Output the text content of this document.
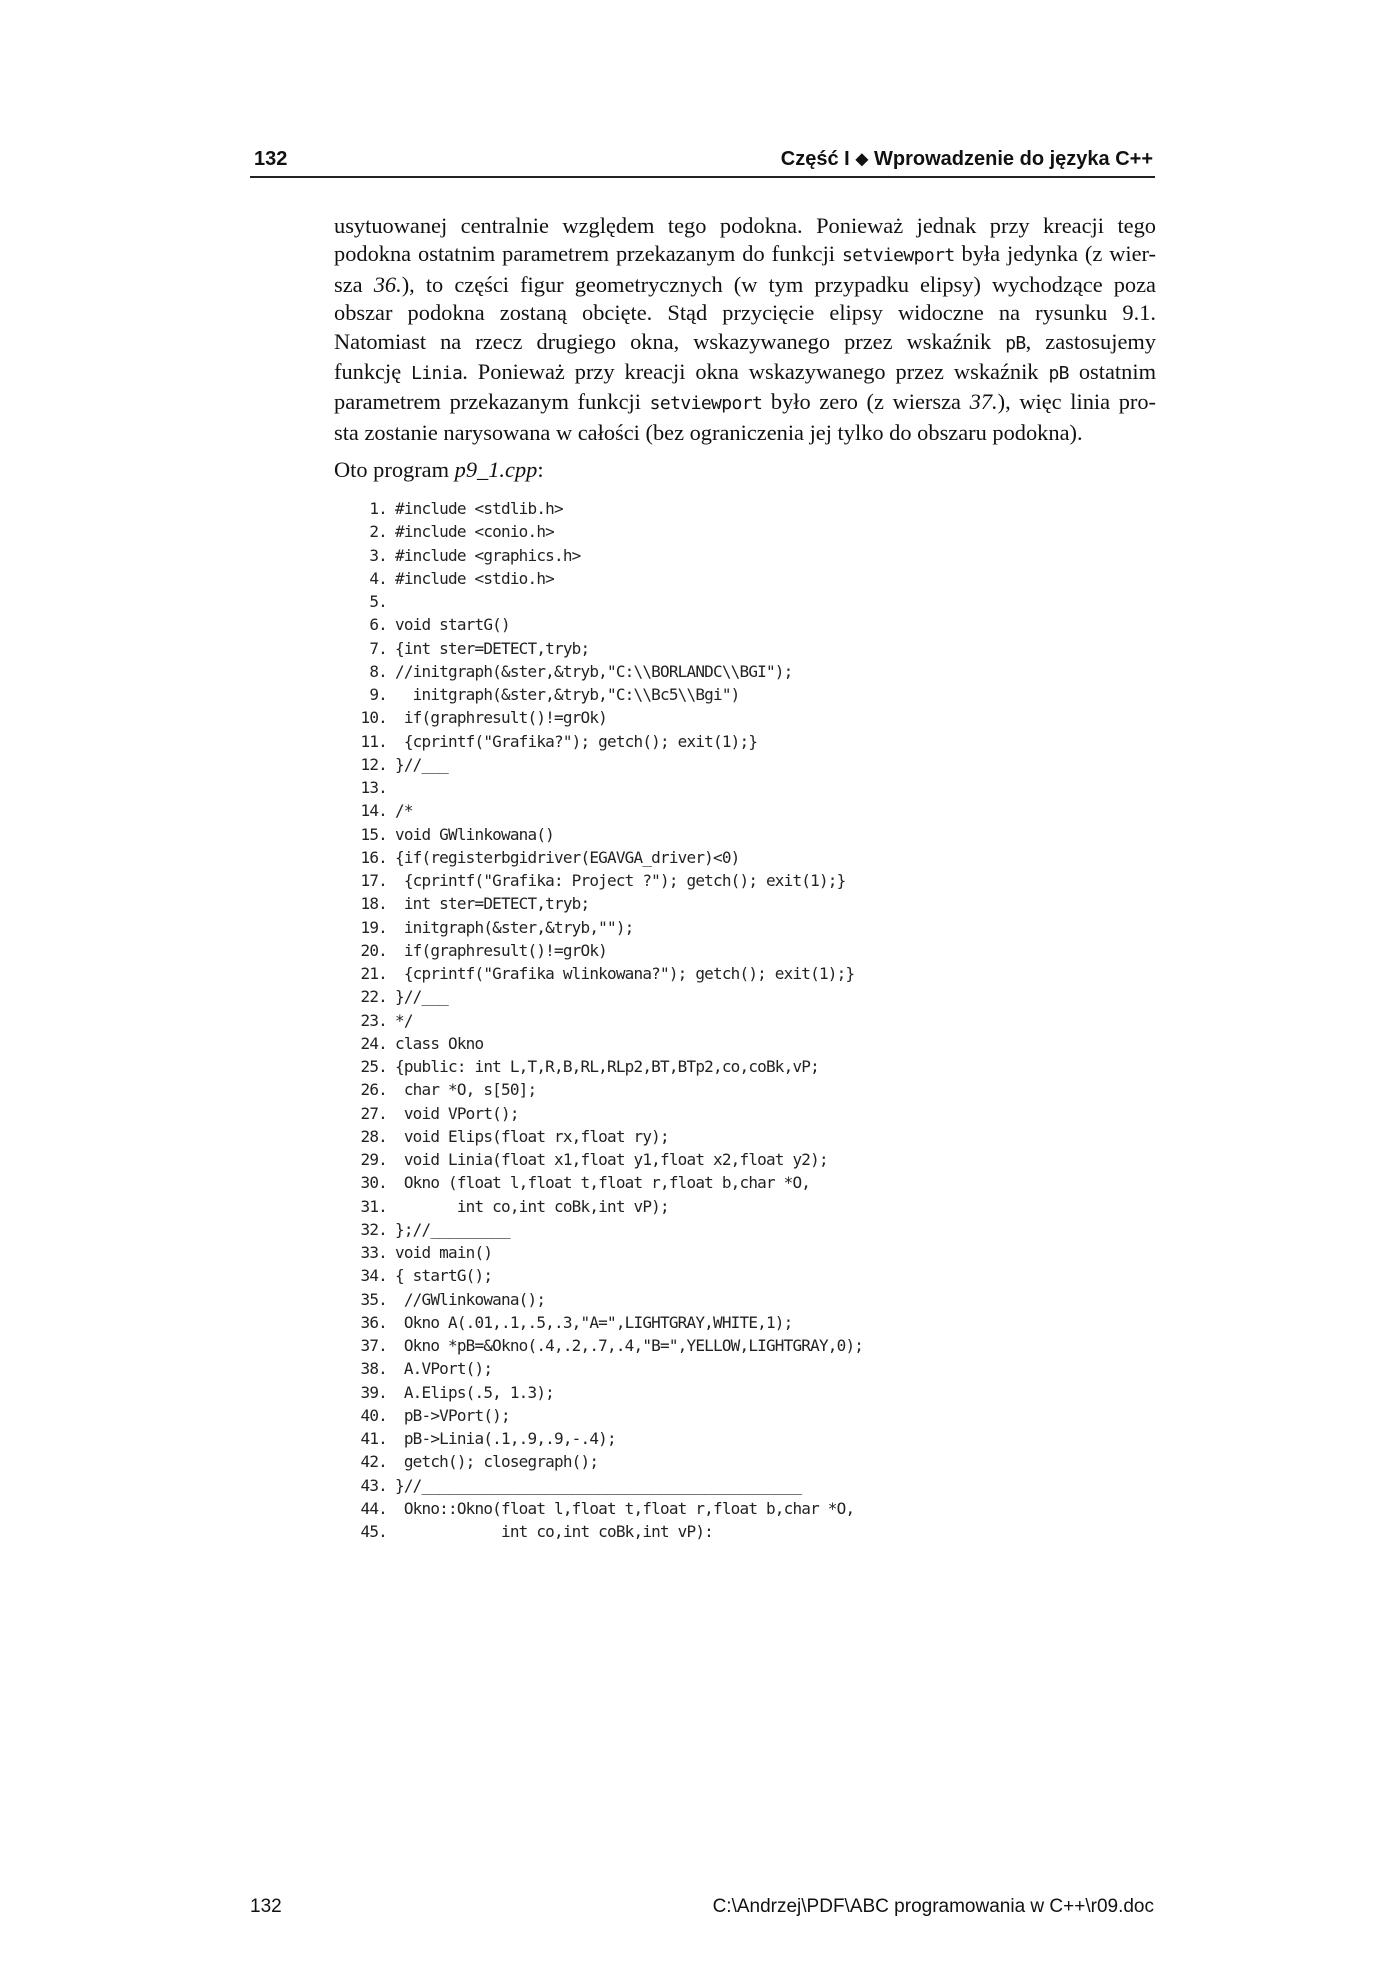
132	Część I ◆ Wprowadzenie do języka C++
usytuowanej centralnie względem tego podokna. Ponieważ jednak przy kreacji tego
podokna ostatnim parametrem przekazanym do funkcji setviewport była jedynka (z wier-
sza 36.), to części figur geometrycznych (w tym przypadku elipsy) wychodzące poza
obszar podokna zostaną obcięte. Stąd przycięcie elipsy widoczne na rysunku 9.1.
Natomiast na rzecz drugiego okna, wskazywanego przez wskaźnik pB, zastosujemy
funkcję Linia. Ponieważ przy kreacji okna wskazywanego przez wskaźnik pB ostatnim
parametrem przekazanym funkcji setviewport było zero (z wiersza 37.), więc linia pro-
sta zostanie narysowana w całości (bez ograniczenia jej tylko do obszaru podokna).
Oto program p9_1.cpp:
1. #include <stdlib.h>
2. #include <conio.h>
3. #include <graphics.h>
4. #include <stdio.h>
5.
6. void startG()
7. {int ster=DETECT,tryb;
8. //initgraph(&ster,&tryb,"C:\\BORLANDC\\BGI");
9.  initgraph(&ster,&tryb,"C:\\Bc5\\Bgi")
10. if(graphresult()!=grOk)
11. {cprintf("Grafika?"); getch(); exit(1);}
12. }//___
13.
14. /*
15. void GWlinkowana()
16. {if(registerbgidriver(EGAVGA_driver)<0)
17. {cprintf("Grafika: Project ?"); getch(); exit(1);}
18. int ster=DETECT,tryb;
19. initgraph(&ster,&tryb,"");
20. if(graphresult()!=grOk)
21. {cprintf("Grafika wlinkowana?"); getch(); exit(1);}
22. }//___
23. */
24. class Okno
25. {public: int L,T,R,B,RL,RLp2,BT,BTp2,co,coBk,vP;
26. char *O, s[50];
27. void VPort();
28. void Elips(float rx,float ry);
29. void Linia(float x1,float y1,float x2,float y2);
30. Okno (float l,float t,float r,float b,char *O,
31.       int co,int coBk,int vP);
32. };//_________
33. void main()
34. { startG();
35. //GWlinkowana();
36. Okno A(.01,.1,.5,.3,"A=",LIGHTGRAY,WHITE,1);
37. Okno *pB=&Okno(.4,.2,.7,.4,"B=",YELLOW,LIGHTGRAY,0);
38. A.VPort();
39. A.Elips(.5, 1.3);
40. pB->VPort();
41. pB->Linia(.1,.9,.9,-.4);
42. getch(); closegraph();
43. }//___________________________________________
44. Okno::Okno(float l,float t,float r,float b,char *O,
45.            int co,int coBk,int vP):
132	C:\Andrzej\PDF\ABC programowania w C++\r09.doc
